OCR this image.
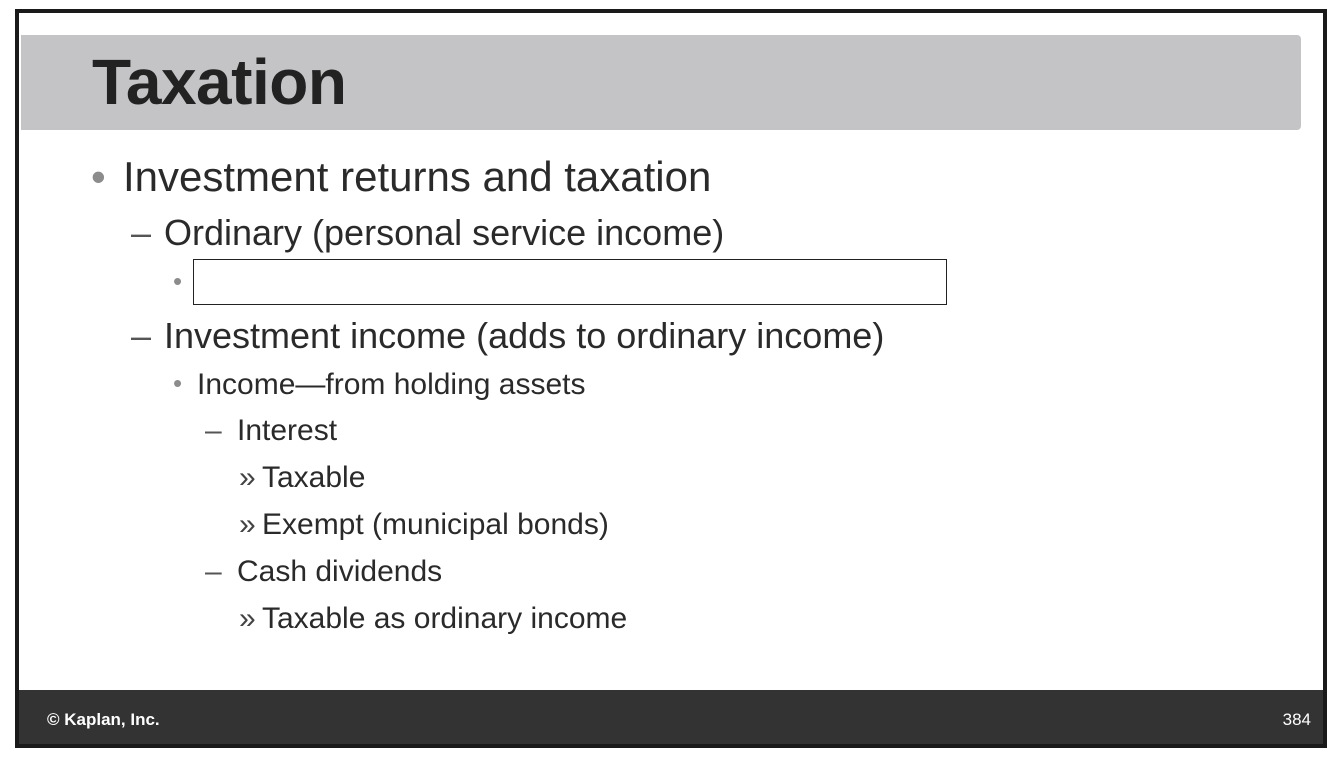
Taxation
• Investment returns and taxation
– Ordinary (personal service income)
•
– Investment income (adds to ordinary income)
• Income—from holding assets
– Interest
» Taxable
» Exempt (municipal bonds)
– Cash dividends
» Taxable as ordinary income
© Kaplan, Inc.	384
